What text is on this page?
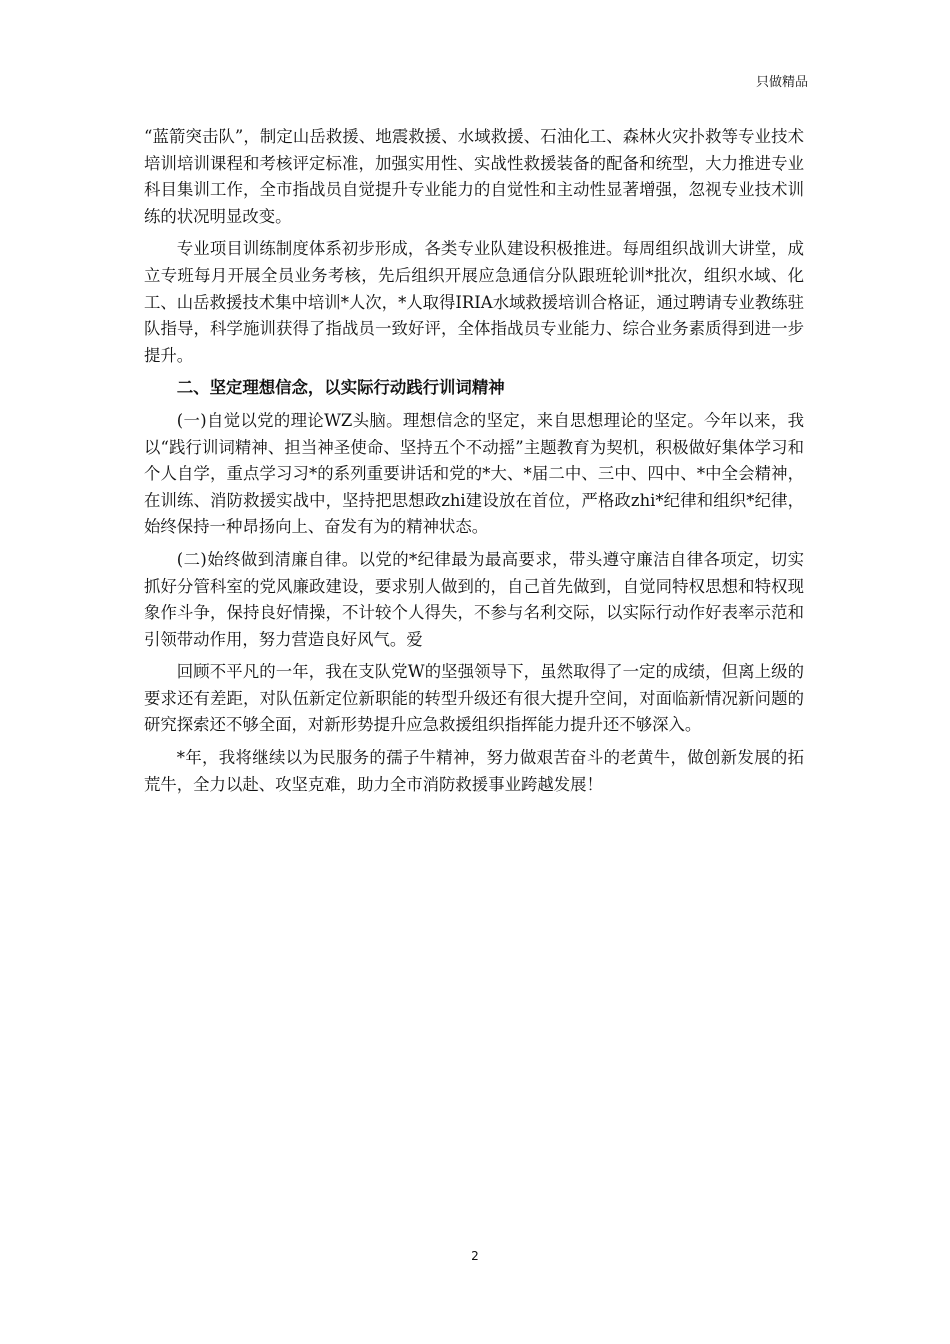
只做精品

“蓝箭突击队”，制定山岳救援、地震救援、水域救援、石油化工、森林火灾扑救等专业技术培训培训课程和考核评定标准，加强实用性、实战性救援装备的配备和统型，大力推进专业科目集训工作，全市指战员自觉提升专业能力的自觉性和主动性显著增强，忽视专业技术训练的状况明显改变。

专业项目训练制度体系初步形成，各类专业队建设积极推进。每周组织战训大讲堂，成立专班每月开展全员业务考核，先后组织开展应急通信分队跟班轮训*批次，组织水域、化工、山岳救援技术集中培训*人次，*人取得IRIA水域救援培训合格证，通过聘请专业教练驻队指导，科学施训获得了指战员一致好评，全体指战员专业能力、综合业务素质得到进一步提升。

二、坚定理想信念，以实际行动践行训词精神

(一)自觉以党的理论WZ头脑。理想信念的坚定，来自思想理论的坚定。今年以来，我以“践行训词精神、担当神圣使命、坚持五个不动摇”主题教育为契机，积极做好集体学习和个人自学，重点学习习*的系列重要讲话和党的*大、*届二中、三中、四中、*中全会精神，在训练、消防救援实战中，坚持把思想政zhi建设放在首位，严格政zhi*纪律和组织*纪律，始终保持一种昂扬向上、奋发有为的精神状态。

(二)始终做到清廉自律。以党的*纪律最为最高要求，带头遵守廉洁自律各项定，切实抓好分管科室的党风廉政建设，要求别人做到的，自己首先做到，自觉同特权思想和特权现象作斗争，保持良好情操，不计较个人得失，不参与名利交际，以实际行动作好表率示范和引领带动作用，努力营造良好风气。爱

回顾不平凡的一年，我在支队党W的坚强领导下，虽然取得了一定的成绩，但离上级的要求还有差距，对队伍新定位新职能的转型升级还有很大提升空间，对面临新情况新问题的研究探索还不够全面，对新形势提升应急救援组织指挥能力提升还不够深入。

*年，我将继续以为民服务的孺子牛精神，努力做艰苦奋斗的老黄牛，做创新发展的拓荒牛，全力以赴、攻坚克难，助力全市消防救援事业跨越发展！

2
